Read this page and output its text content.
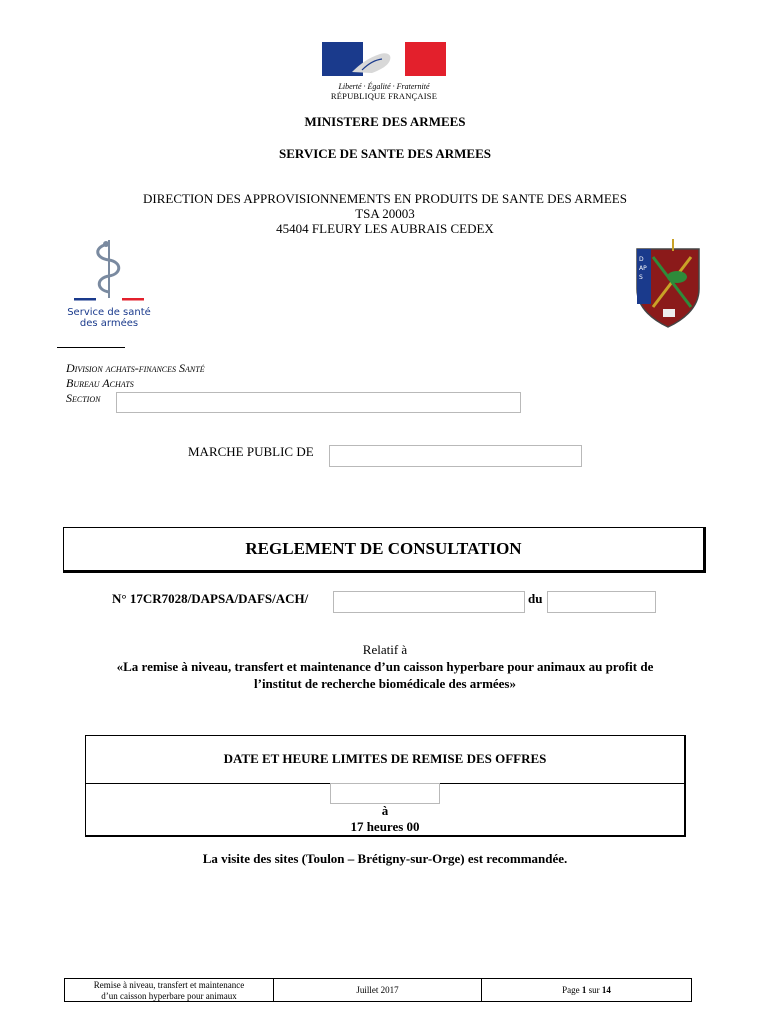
Liberté · Égalité · Fraternité
RÉPUBLIQUE FRANÇAISE
MINISTERE DES ARMEES
SERVICE DE SANTE DES ARMEES
DIRECTION DES APPROVISIONNEMENTS EN PRODUITS DE SANTE DES ARMEES
TSA 20003
45404 FLEURY LES AUBRAIS CEDEX
Service de santé
des armées
DAPS
Division achats-finances Santé
Bureau Achats
Section
MARCHE PUBLIC DE
REGLEMENT DE CONSULTATION
N° 17CR7028/DAPSA/DAFS/ACH/	du
Relatif à
«La remise à niveau, transfert et maintenance d’un caisson hyperbare pour animaux au profit de
l’institut de recherche biomédicale des armées»
DATE ET HEURE LIMITES DE REMISE DES OFFRES
à
17 heures 00
La visite des sites (Toulon – Brétigny-sur-Orge) est recommandée.
Remise à niveau, transfert et maintenance
d’un caisson hyperbare pour animaux
Juillet 2017	Page 1 sur 14
